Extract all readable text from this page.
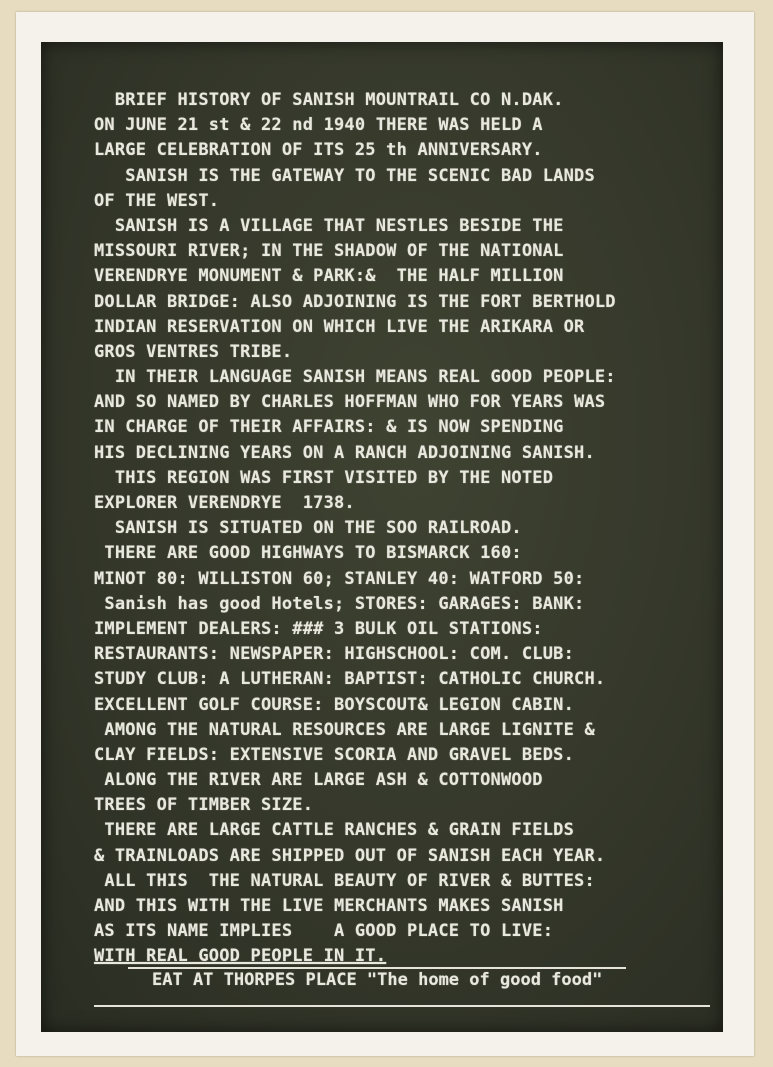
BRIEF HISTORY OF SANISH MOUNTRAIL CO N.DAK.
ON JUNE 21 st & 22 nd 1940 THERE WAS HELD A
LARGE CELEBRATION OF ITS 25 th ANNIVERSARY.
SANISH IS THE GATEWAY TO THE SCENIC BAD LANDS
OF THE WEST.
SANISH IS A VILLAGE THAT NESTLES BESIDE THE
MISSOURI RIVER; IN THE SHADOW OF THE NATIONAL
VERENDRYE MONUMENT & PARK:&  THE HALF MILLION
DOLLAR BRIDGE: ALSO ADJOINING IS THE FORT BERTHOLD
INDIAN RESERVATION ON WHICH LIVE THE ARIKARA OR
GROS VENTRES TRIBE.
IN THEIR LANGUAGE SANISH MEANS REAL GOOD PEOPLE:
AND SO NAMED BY CHARLES HOFFMAN WHO FOR YEARS WAS
IN CHARGE OF THEIR AFFAIRS: & IS NOW SPENDING
HIS DECLINING YEARS ON A RANCH ADJOINING SANISH.
THIS REGION WAS FIRST VISITED BY THE NOTED
EXPLORER VERENDRYE  1738.
SANISH IS SITUATED ON THE SOO RAILROAD.
THERE ARE GOOD HIGHWAYS TO BISMARCK 160:
MINOT 80: WILLISTON 60; STANLEY 40: WATFORD 50:
Sanish has good Hotels; STORES: GARAGES: BANK:
IMPLEMENT DEALERS: ### 3 BULK OIL STATIONS:
RESTAURANTS: NEWSPAPER: HIGHSCHOOL: COM. CLUB:
STUDY CLUB: A LUTHERAN: BAPTIST: CATHOLIC CHURCH.
EXCELLENT GOLF COURSE: BOYSCOUT& LEGION CABIN.
AMONG THE NATURAL RESOURCES ARE LARGE LIGNITE &
CLAY FIELDS: EXTENSIVE SCORIA AND GRAVEL BEDS.
ALONG THE RIVER ARE LARGE ASH & COTTONWOOD
TREES OF TIMBER SIZE.
THERE ARE LARGE CATTLE RANCHES & GRAIN FIELDS
& TRAINLOADS ARE SHIPPED OUT OF SANISH EACH YEAR.
ALL THIS  THE NATURAL BEAUTY OF RIVER & BUTTES:
AND THIS WITH THE LIVE MERCHANTS MAKES SANISH
AS ITS NAME IMPLIES    A GOOD PLACE TO LIVE:
WITH REAL GOOD PEOPLE IN IT.
EAT AT THORPES PLACE "The home of good food"
